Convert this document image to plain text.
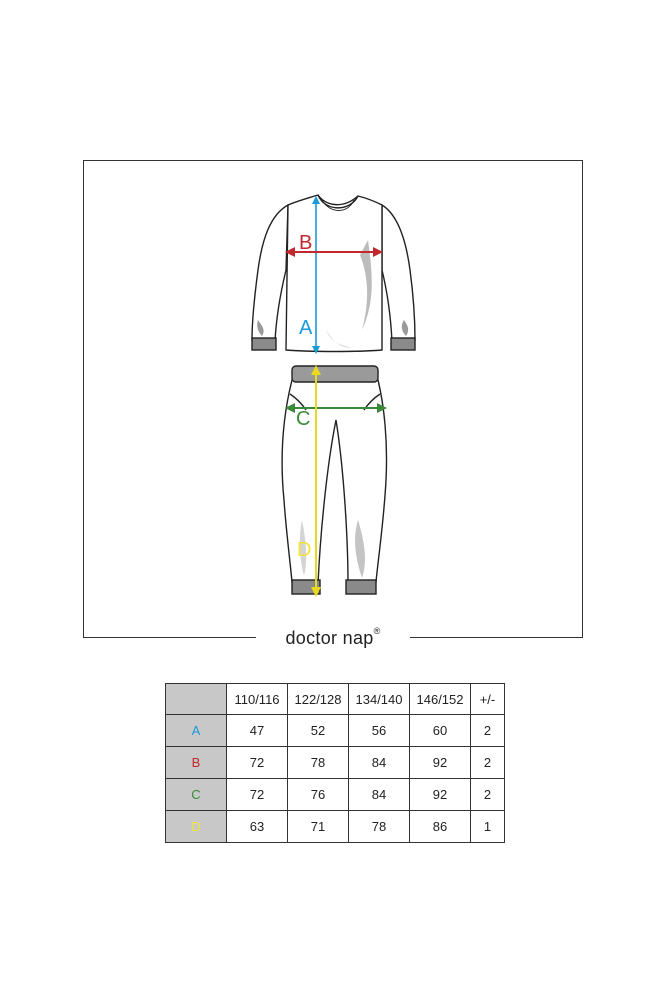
A
B
C
D
doctor nap®
	110/116	122/128	134/140	146/152	+/-
A	47	52	56	60	2
B	72	78	84	92	2
C	72	76	84	92	2
D	63	71	78	86	1
